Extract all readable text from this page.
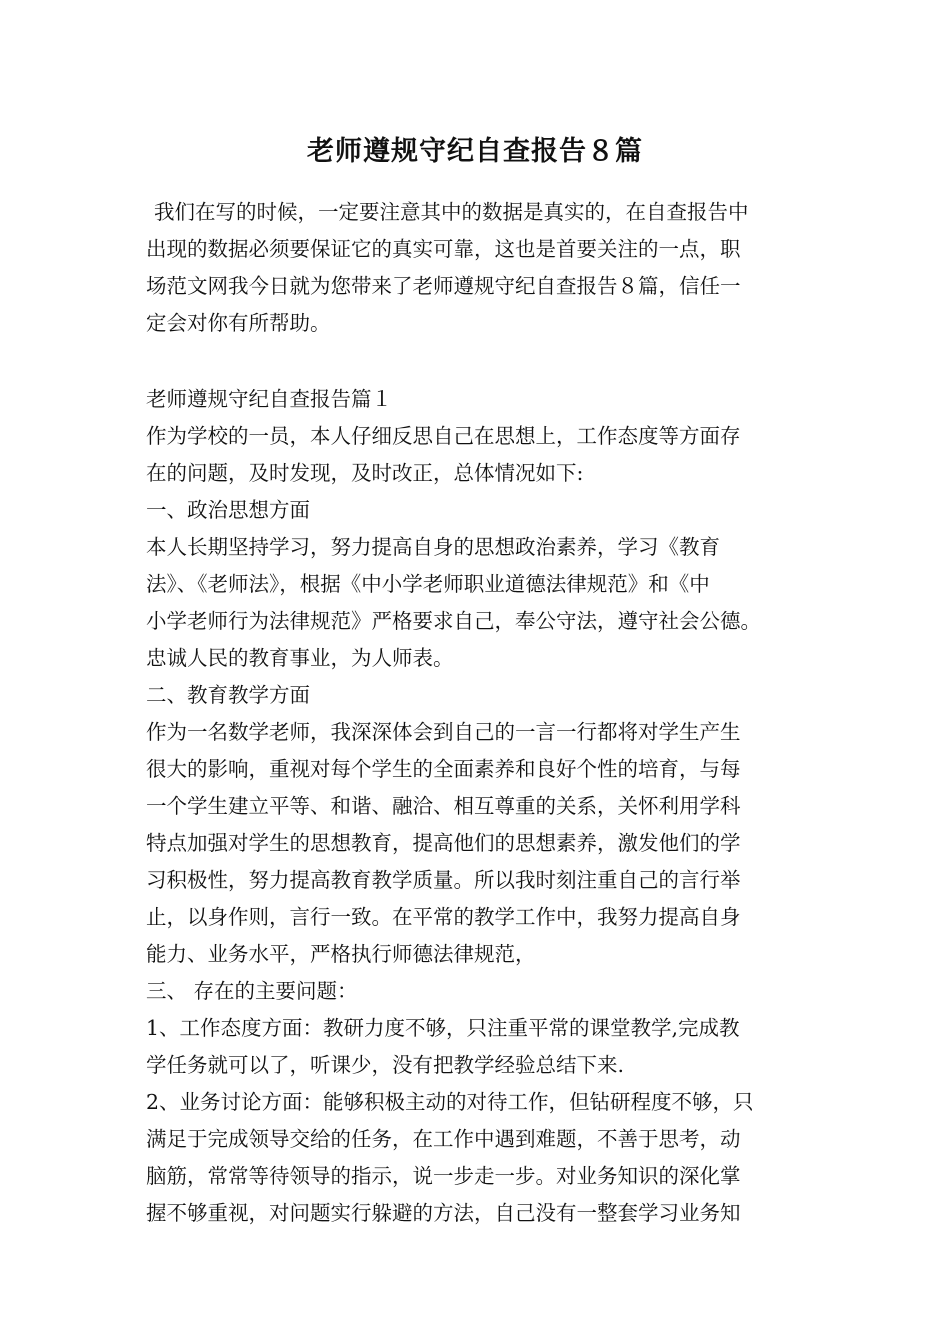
老师遵规守纪自查报告８篇
我们在写的时候，一定要注意其中的数据是真实的，在自查报告中
出现的数据必须要保证它的真实可靠，这也是首要关注的一点，职
场范文网我今日就为您带来了老师遵规守纪自查报告８篇，信任一
定会对你有所帮助。
老师遵规守纪自查报告篇１
作为学校的一员，本人仔细反思自己在思想上，工作态度等方面存
在的问题，及时发现，及时改正，总体情况如下:
一、政治思想方面
本人长期坚持学习，努力提高自身的思想政治素养，学习《教育
法》、《老师法》，根据《中小学老师职业道德法律规范》和《中
小学老师行为法律规范》严格要求自己，奉公守法，遵守社会公德。
忠诚人民的教育事业，为人师表。
二、教育教学方面
作为一名数学老师，我深深体会到自己的一言一行都将对学生产生
很大的影响，重视对每个学生的全面素养和良好个性的培育，与每
一个学生建立平等、和谐、融洽、相互尊重的关系，关怀利用学科
特点加强对学生的思想教育，提高他们的思想素养，激发他们的学
习积极性，努力提高教育教学质量。所以我时刻注重自己的言行举
止，以身作则，言行一致。在平常的教学工作中，我努力提高自身
能力、业务水平，严格执行师德法律规范，
三、 存在的主要问题：
1、工作态度方面：教研力度不够，只注重平常的课堂教学,完成教
学任务就可以了，听课少，没有把教学经验总结下来.
2、业务讨论方面：能够积极主动的对待工作，但钻研程度不够，只
满足于完成领导交给的任务，在工作中遇到难题，不善于思考，动
脑筋，常常等待领导的指示，说一步走一步。对业务知识的深化掌
握不够重视，对问题实行躲避的方法，自己没有一整套学习业务知
